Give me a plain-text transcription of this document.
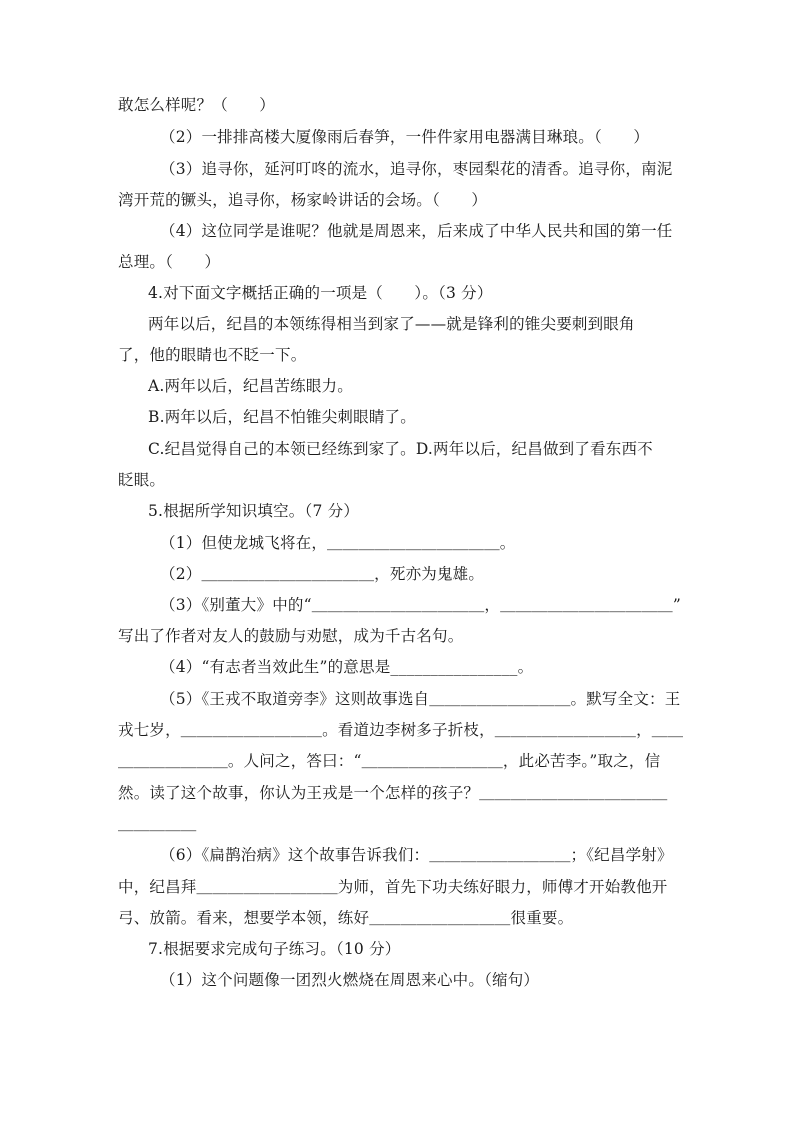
敢怎么样呢？（　　）
（2）一排排高楼大厦像雨后春笋，一件件家用电器满目琳琅。（　　）
（3）追寻你，延河叮咚的流水，追寻你，枣园梨花的清香。追寻你，南泥
湾开荒的镢头，追寻你，杨家岭讲话的会场。（　　）
（4）这位同学是谁呢？他就是周恩来，后来成了中华人民共和国的第一任
总理。（　　）
4.对下面文字概括正确的一项是（　　）。（3 分）
两年以后，纪昌的本领练得相当到家了——就是锋利的锥尖要刺到眼角
了，他的眼睛也不眨一下。
A.两年以后，纪昌苦练眼力。
B.两年以后，纪昌不怕锥尖刺眼睛了。
C.纪昌觉得自己的本领已经练到家了。D.两年以后，纪昌做到了看东西不
眨眼。
5.根据所学知识填空。（7 分）
（1）但使龙城飞将在，＿＿＿＿＿＿＿＿＿＿＿。
（2）＿＿＿＿＿＿＿＿＿＿＿，死亦为鬼雄。
（3）《别董大》中的“＿＿＿＿＿＿＿＿＿＿＿，＿＿＿＿＿＿＿＿＿＿＿”
写出了作者对友人的鼓励与劝慰，成为千古名句。
（4）“有志者当效此生”的意思是________________。
（5）《王戎不取道旁李》这则故事选自＿＿＿＿＿＿＿＿＿。默写全文：王
戎七岁，＿＿＿＿＿＿＿＿＿。看道边李树多子折枝，＿＿＿＿＿＿＿＿＿，＿＿
＿＿＿＿＿＿＿。人问之，答曰：“＿＿＿＿＿＿＿＿＿，此必苦李。”取之，信
然。读了这个故事，你认为王戎是一个怎样的孩子？＿＿＿＿＿＿＿＿＿＿＿＿
＿＿＿＿＿
（6）《扁鹊治病》这个故事告诉我们：＿＿＿＿＿＿＿＿＿；《纪昌学射》
中，纪昌拜＿＿＿＿＿＿＿＿＿为师，首先下功夫练好眼力，师傅才开始教他开
弓、放箭。看来，想要学本领，练好＿＿＿＿＿＿＿＿＿很重要。
7.根据要求完成句子练习。（10 分）
（1）这个问题像一团烈火燃烧在周恩来心中。（缩句）
